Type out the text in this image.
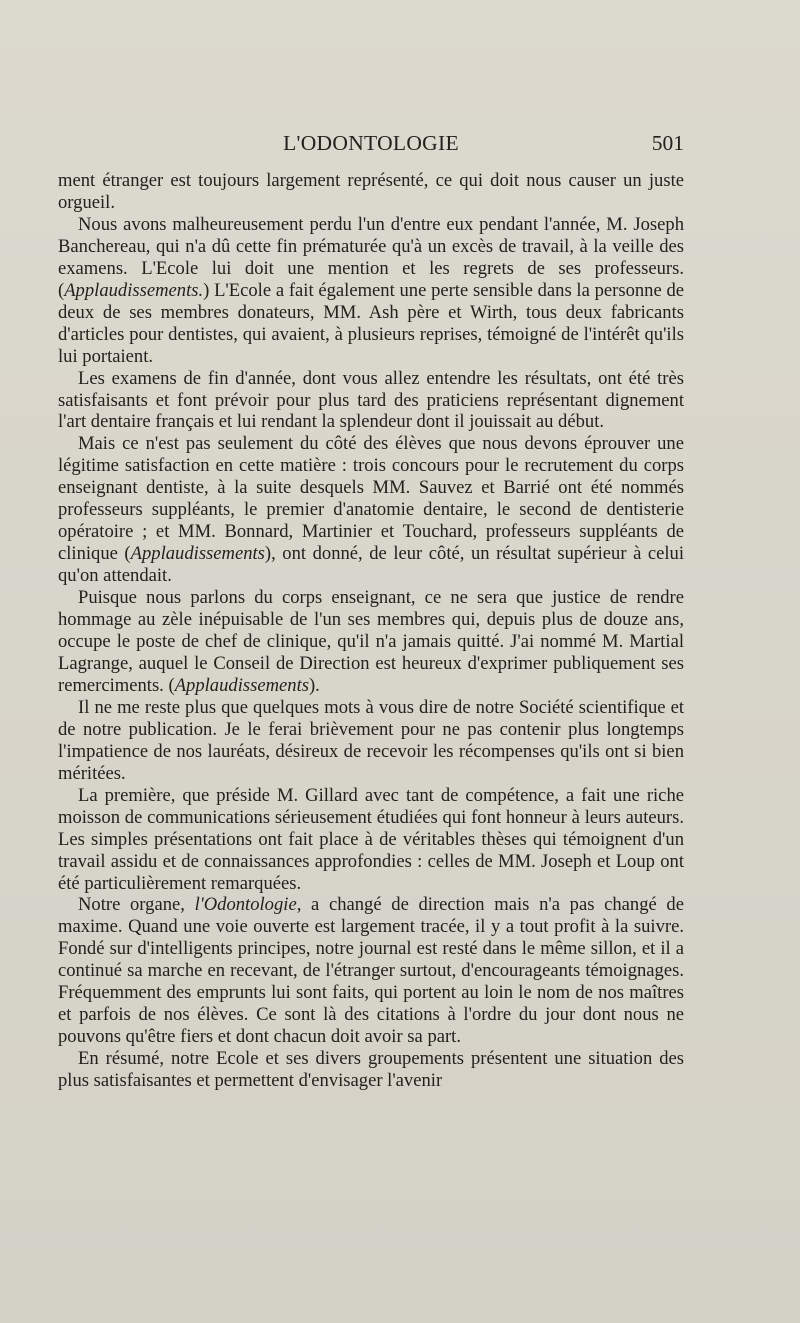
L'ODONTOLOGIE	501

ment étranger est toujours largement représenté, ce qui doit nous causer un juste orgueil.

Nous avons malheureusement perdu l'un d'entre eux pendant l'année, M. Joseph Banchereau, qui n'a dû cette fin prématurée qu'à un excès de travail, à la veille des examens. L'Ecole lui doit une mention et les regrets de ses professeurs. (Applaudissements.) L'Ecole a fait également une perte sensible dans la personne de deux de ses membres donateurs, MM. Ash père et Wirth, tous deux fabricants d'articles pour dentistes, qui avaient, à plusieurs reprises, témoigné de l'intérêt qu'ils lui portaient.

Les examens de fin d'année, dont vous allez entendre les résultats, ont été très satisfaisants et font prévoir pour plus tard des praticiens représentant dignement l'art dentaire français et lui rendant la splendeur dont il jouissait au début.

Mais ce n'est pas seulement du côté des élèves que nous devons éprouver une légitime satisfaction en cette matière : trois concours pour le recrutement du corps enseignant dentiste, à la suite desquels MM. Sauvez et Barrié ont été nommés professeurs suppléants, le premier d'anatomie dentaire, le second de dentisterie opératoire ; et MM. Bonnard, Martinier et Touchard, professeurs suppléants de clinique (Applaudissements), ont donné, de leur côté, un résultat supérieur à celui qu'on attendait.

Puisque nous parlons du corps enseignant, ce ne sera que justice de rendre hommage au zèle inépuisable de l'un ses membres qui, depuis plus de douze ans, occupe le poste de chef de clinique, qu'il n'a jamais quitté. J'ai nommé M. Martial Lagrange, auquel le Conseil de Direction est heureux d'exprimer publiquement ses remerciments. (Applaudissements).

Il ne me reste plus que quelques mots à vous dire de notre Société scientifique et de notre publication. Je le ferai brièvement pour ne pas contenir plus longtemps l'impatience de nos lauréats, désireux de recevoir les récompenses qu'ils ont si bien méritées.

La première, que préside M. Gillard avec tant de compétence, a fait une riche moisson de communications sérieusement étudiées qui font honneur à leurs auteurs. Les simples présentations ont fait place à de véritables thèses qui témoignent d'un travail assidu et de connaissances approfondies : celles de MM. Joseph et Loup ont été particulièrement remarquées.

Notre organe, l'Odontologie, a changé de direction mais n'a pas changé de maxime. Quand une voie ouverte est largement tracée, il y a tout profit à la suivre. Fondé sur d'intelligents principes, notre journal est resté dans le même sillon, et il a continué sa marche en recevant, de l'étranger surtout, d'encourageants témoignages. Fréquemment des emprunts lui sont faits, qui portent au loin le nom de nos maîtres et parfois de nos élèves. Ce sont là des citations à l'ordre du jour dont nous ne pouvons qu'être fiers et dont chacun doit avoir sa part.

En résumé, notre Ecole et ses divers groupements présentent une situation des plus satisfaisantes et permettent d'envisager l'avenir
